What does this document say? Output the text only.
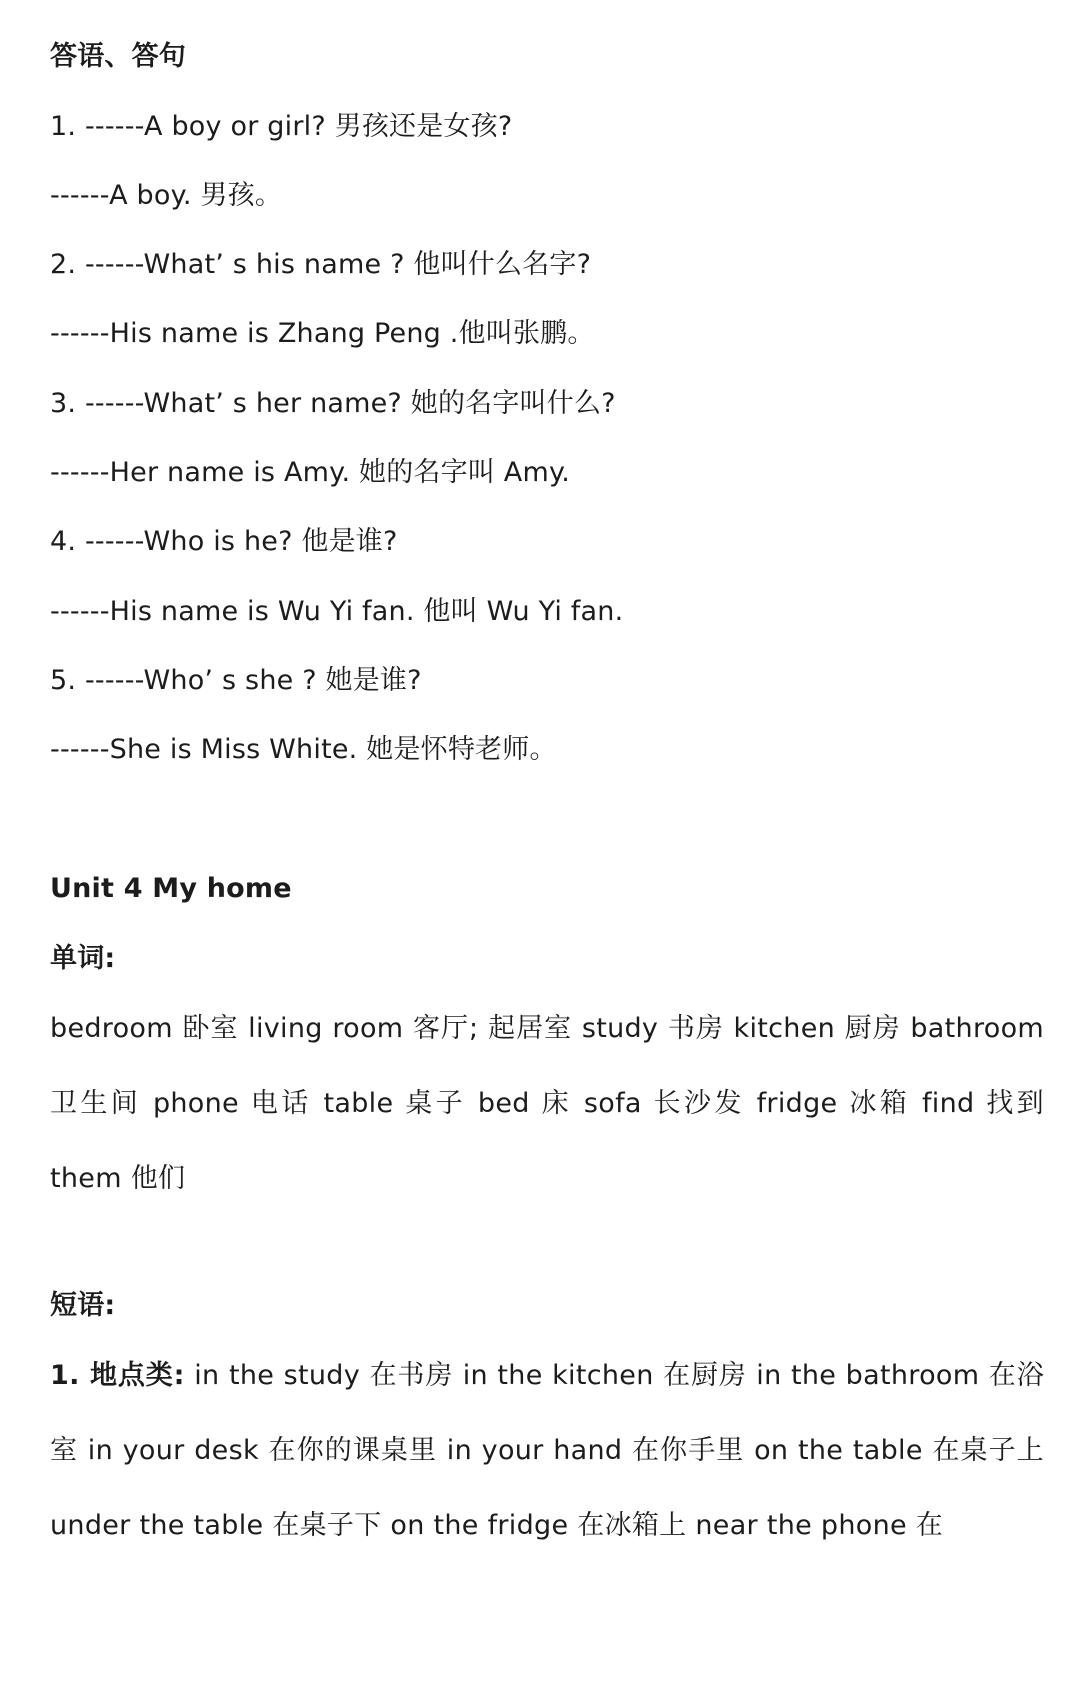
答语、答句
1. ------A boy or girl? 男孩还是女孩?
------A boy. 男孩。
2. ------What’ s his name ? 他叫什么名字?
------His name is Zhang Peng .他叫张鹏。
3. ------What’ s her name? 她的名字叫什么?
------Her name is Amy. 她的名字叫 Amy.
4. ------Who is he? 他是谁?
------His name is Wu Yi fan. 他叫 Wu Yi fan.
5. ------Who’ s she ? 她是谁?
------She is Miss White. 她是怀特老师。
Unit 4 My home
单词:
bedroom 卧室 living room 客厅; 起居室 study 书房 kitchen 厨房 bathroom 卫生间 phone 电话 table 桌子 bed 床 sofa 长沙发 fridge 冰箱 find 找到 them 他们
短语:
1. 地点类: in the study 在书房 in the kitchen 在厨房 in the bathroom 在浴室 in your desk 在你的课桌里 in your hand 在你手里 on the table 在桌子上 under the table 在桌子下 on the fridge 在冰箱上 near the phone 在
